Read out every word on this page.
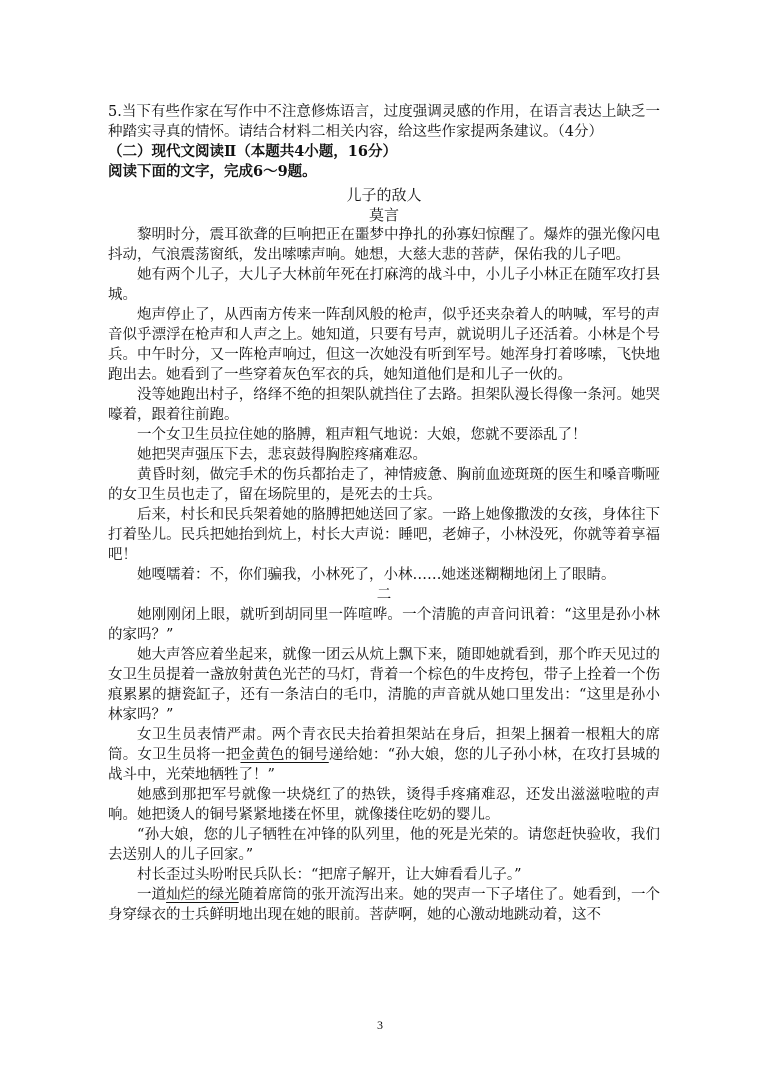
5.当下有些作家在写作中不注意修炼语言，过度强调灵感的作用，在语言表达上缺乏一种踏实寻真的情怀。请结合材料二相关内容，给这些作家提两条建议。（4分）
（二）现代文阅读Ⅱ（本题共4小题，16分）
阅读下面的文字，完成6～9题。
儿子的敌人
莫言
黎明时分，震耳欲聋的巨响把正在噩梦中挣扎的孙寡妇惊醒了。爆炸的强光像闪电抖动，气浪震荡窗纸，发出嗦嗦声响。她想，大慈大悲的菩萨，保佑我的儿子吧。
她有两个儿子，大儿子大林前年死在打麻湾的战斗中，小儿子小林正在随军攻打县城。
炮声停止了，从西南方传来一阵刮风般的枪声，似乎还夹杂着人的呐喊，军号的声音似乎漂浮在枪声和人声之上。她知道，只要有号声，就说明儿子还活着。小林是个号兵。中午时分，又一阵枪声响过，但这一次她没有听到军号。她浑身打着哆嗦，飞快地跑出去。她看到了一些穿着灰色军衣的兵，她知道他们是和儿子一伙的。
没等她跑出村子，络绎不绝的担架队就挡住了去路。担架队漫长得像一条河。她哭嚎着，跟着往前跑。
一个女卫生员拉住她的胳膊，粗声粗气地说：大娘，您就不要添乱了！
她把哭声强压下去，悲哀鼓得胸腔疼痛难忍。
黄昏时刻，做完手术的伤兵都抬走了，神情疲惫、胸前血迹斑斑的医生和嗓音嘶哑的女卫生员也走了，留在场院里的，是死去的士兵。
后来，村长和民兵架着她的胳膊把她送回了家。一路上她像撒泼的女孩，身体往下打着坠儿。民兵把她抬到炕上，村长大声说：睡吧，老婶子，小林没死，你就等着享福吧！
她嘎嚅着：不，你们骗我，小林死了，小林……她迷迷糊糊地闭上了眼睛。
二
她刚刚闭上眼，就听到胡同里一阵喧哗。一个清脆的声音问讯着：“这里是孙小林的家吗？”
她大声答应着坐起来，就像一团云从炕上飘下来，随即她就看到，那个昨天见过的女卫生员提着一盏放射黄色光芒的马灯，背着一个棕色的牛皮挎包，带子上拴着一个伤痕累累的搪瓷缸子，还有一条洁白的毛巾，清脆的声音就从她口里发出：“这里是孙小林家吗？”
女卫生员表情严肃。两个青衣民夫抬着担架站在身后，担架上捆着一根粗大的席筒。女卫生员将一把金黄色的铜号递给她：“孙大娘，您的儿子孙小林，在攻打县城的战斗中，光荣地牺牲了！”
她感到那把军号就像一块烧红了的热铁，烫得手疼痛难忍，还发出滋滋啦啦的声响。她把烫人的铜号紧紧地搂在怀里，就像搂住吃奶的婴儿。
“孙大娘，您的儿子牺牲在冲锋的队列里，他的死是光荣的。请您赶快验收，我们去送别人的儿子回家。”
村长歪过头吩咐民兵队长：“把席子解开，让大婶看看儿子。”
一道灿烂的绿光随着席筒的张开流泻出来。她的哭声一下子堵住了。她看到，一个身穿绿衣的士兵鲜明地出现在她的眼前。菩萨啊，她的心激动地跳动着，这不
3
